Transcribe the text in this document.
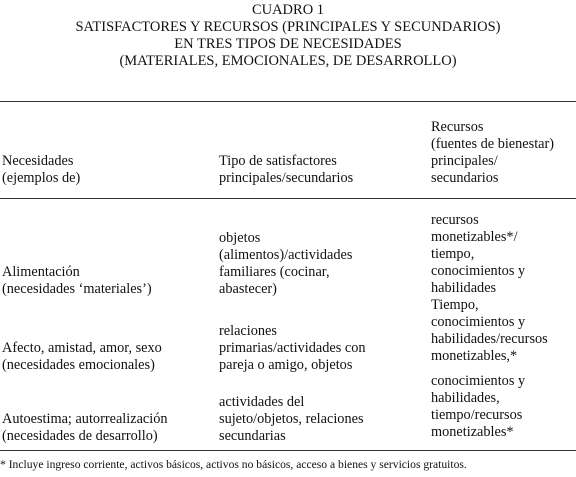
CUADRO 1
SATISFACTORES Y RECURSOS (PRINCIPALES Y SECUNDARIOS)
EN TRES TIPOS DE NECESIDADES
(MATERIALES, EMOCIONALES, DE DESARROLLO)
Necesidades
(ejemplos de)
Tipo de satisfactores
principales/secundarios
Recursos
(fuentes de bienestar)
principales/
secundarios
Alimentación
(necesidades ‘materiales’)
objetos
(alimentos)/actividades
familiares (cocinar,
abastecer)
recursos
monetizables*/
tiempo,
conocimientos y
habilidades
Afecto, amistad, amor, sexo
(necesidades emocionales)
relaciones
primarias/actividades con
pareja o amigo, objetos
Tiempo,
conocimientos y
habilidades/recursos
monetizables,*
Autoestima; autorrealización
(necesidades de desarrollo)
actividades del
sujeto/objetos, relaciones
secundarias
conocimientos y
habilidades,
tiempo/recursos
monetizables*
* Incluye ingreso corriente, activos básicos, activos no básicos, acceso a bienes y servicios gratuitos.
